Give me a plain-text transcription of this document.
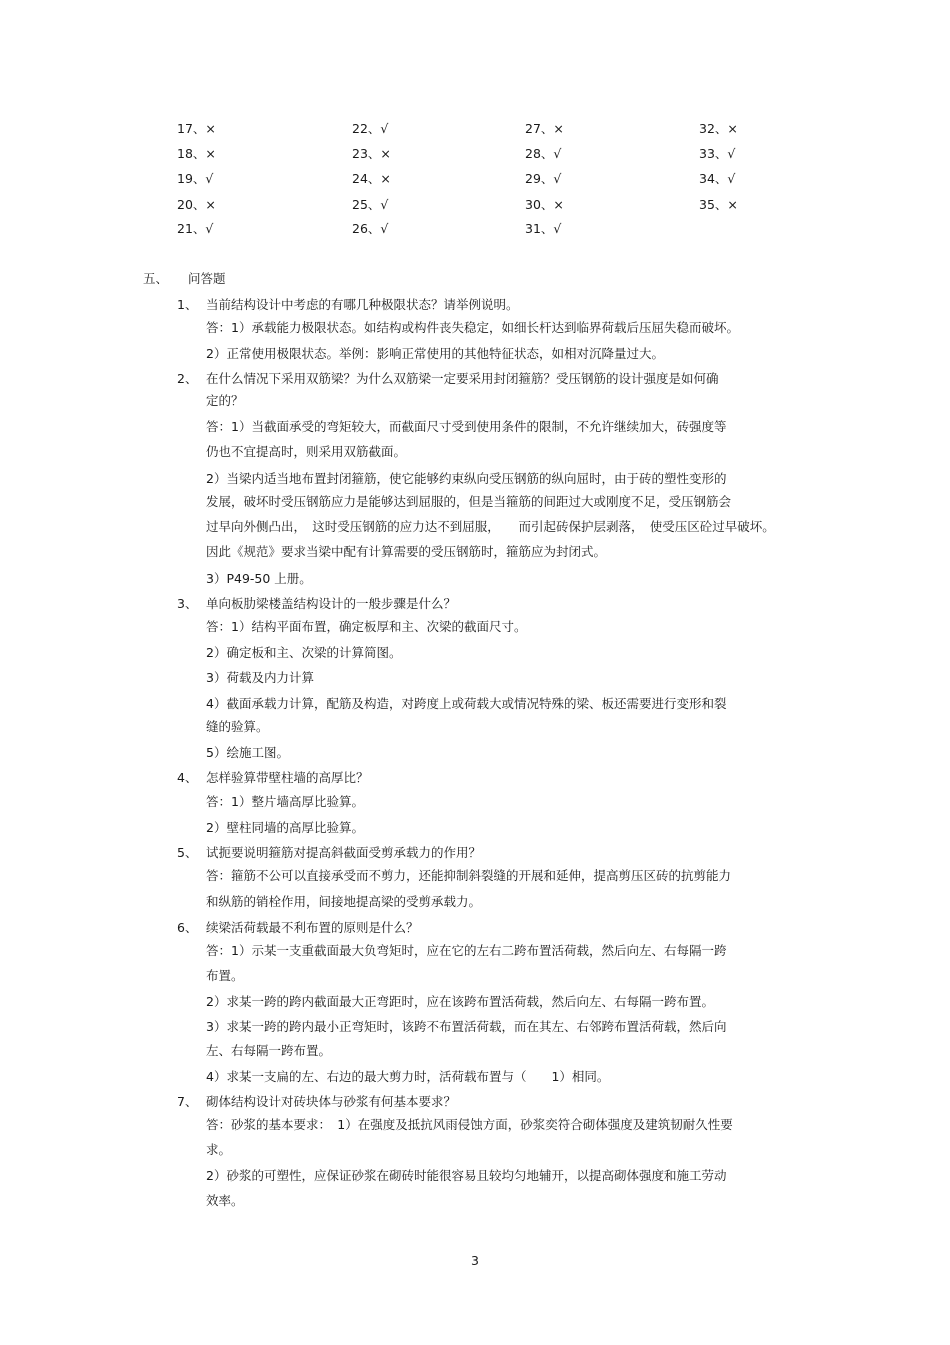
17、×	22、√	27、×	32、×
18、×	23、×	28、√	33、√
19、√	24、×	29、√	34、√
20、×	25、√	30、×	35、×
21、√	26、√	31、√
五、 问答题
1、 当前结构设计中考虑的有哪几种极限状态？请举例说明。
答：1）承载能力极限状态。如结构或构件丧失稳定，如细长杆达到临界荷载后压屈失稳而破坏。
2）正常使用极限状态。举例：影响正常使用的其他特征状态，如相对沉降量过大。
2、 在什么情况下采用双筋梁？为什么双筋梁一定要采用封闭箍筋？受压钢筋的设计强度是如何确
定的？
答：1）当截面承受的弯矩较大，而截面尺寸受到使用条件的限制，不允许继续加大，砖强度等
仍也不宜提高时，则采用双筋截面。
2）当梁内适当地布置封闭箍筋，使它能够约束纵向受压钢筋的纵向屈时，由于砖的塑性变形的
发展，破坏时受压钢筋应力是能够达到屈服的，但是当箍筋的间距过大或刚度不足，受压钢筋会
过早向外侧凸出，　这时受压钢筋的应力达不到屈服，　　而引起砖保护层剥落，　使受压区砼过早破坏。
因此《规范》要求当梁中配有计算需要的受压钢筋时，箍筋应为封闭式。
3）P49-50 上册。
3、 单向板肋梁楼盖结构设计的一般步骤是什么？
答：1）结构平面布置，确定板厚和主、次梁的截面尺寸。
2）确定板和主、次梁的计算简图。
3）荷载及内力计算
4）截面承载力计算，配筋及构造，对跨度上或荷载大或情况特殊的梁、板还需要进行变形和裂
缝的验算。
5）绘施工图。
4、 怎样验算带壁柱墙的高厚比？
答：1）整片墙高厚比验算。
2）壁柱同墙的高厚比验算。
5、 试扼要说明箍筋对提高斜截面受剪承载力的作用？
答：箍筋不公可以直接承受而不剪力，还能抑制斜裂缝的开展和延伸，提高剪压区砖的抗剪能力
和纵筋的销栓作用，间接地提高梁的受剪承载力。
6、 续梁活荷载最不利布置的原则是什么？
答：1）示某一支重截面最大负弯矩时，应在它的左右二跨布置活荷载，然后向左、右每隔一跨
布置。
2）求某一跨的跨内截面最大正弯距时，应在该跨布置活荷载，然后向左、右每隔一跨布置。
3）求某一跨的跨内最小正弯矩时，该跨不布置活荷载，而在其左、右邻跨布置活荷载，然后向
左、右每隔一跨布置。
4）求某一支扁的左、右边的最大剪力时，活荷载布置与（　　1）相同。
7、 砌体结构设计对砖块体与砂浆有何基本要求？
答：砂浆的基本要求：　1）在强度及抵抗风雨侵蚀方面，砂浆奕符合砌体强度及建筑韧耐久性要
求。
2）砂浆的可塑性，应保证砂浆在砌砖时能很容易且较均匀地辅开，以提高砌体强度和施工劳动
效率。
3
